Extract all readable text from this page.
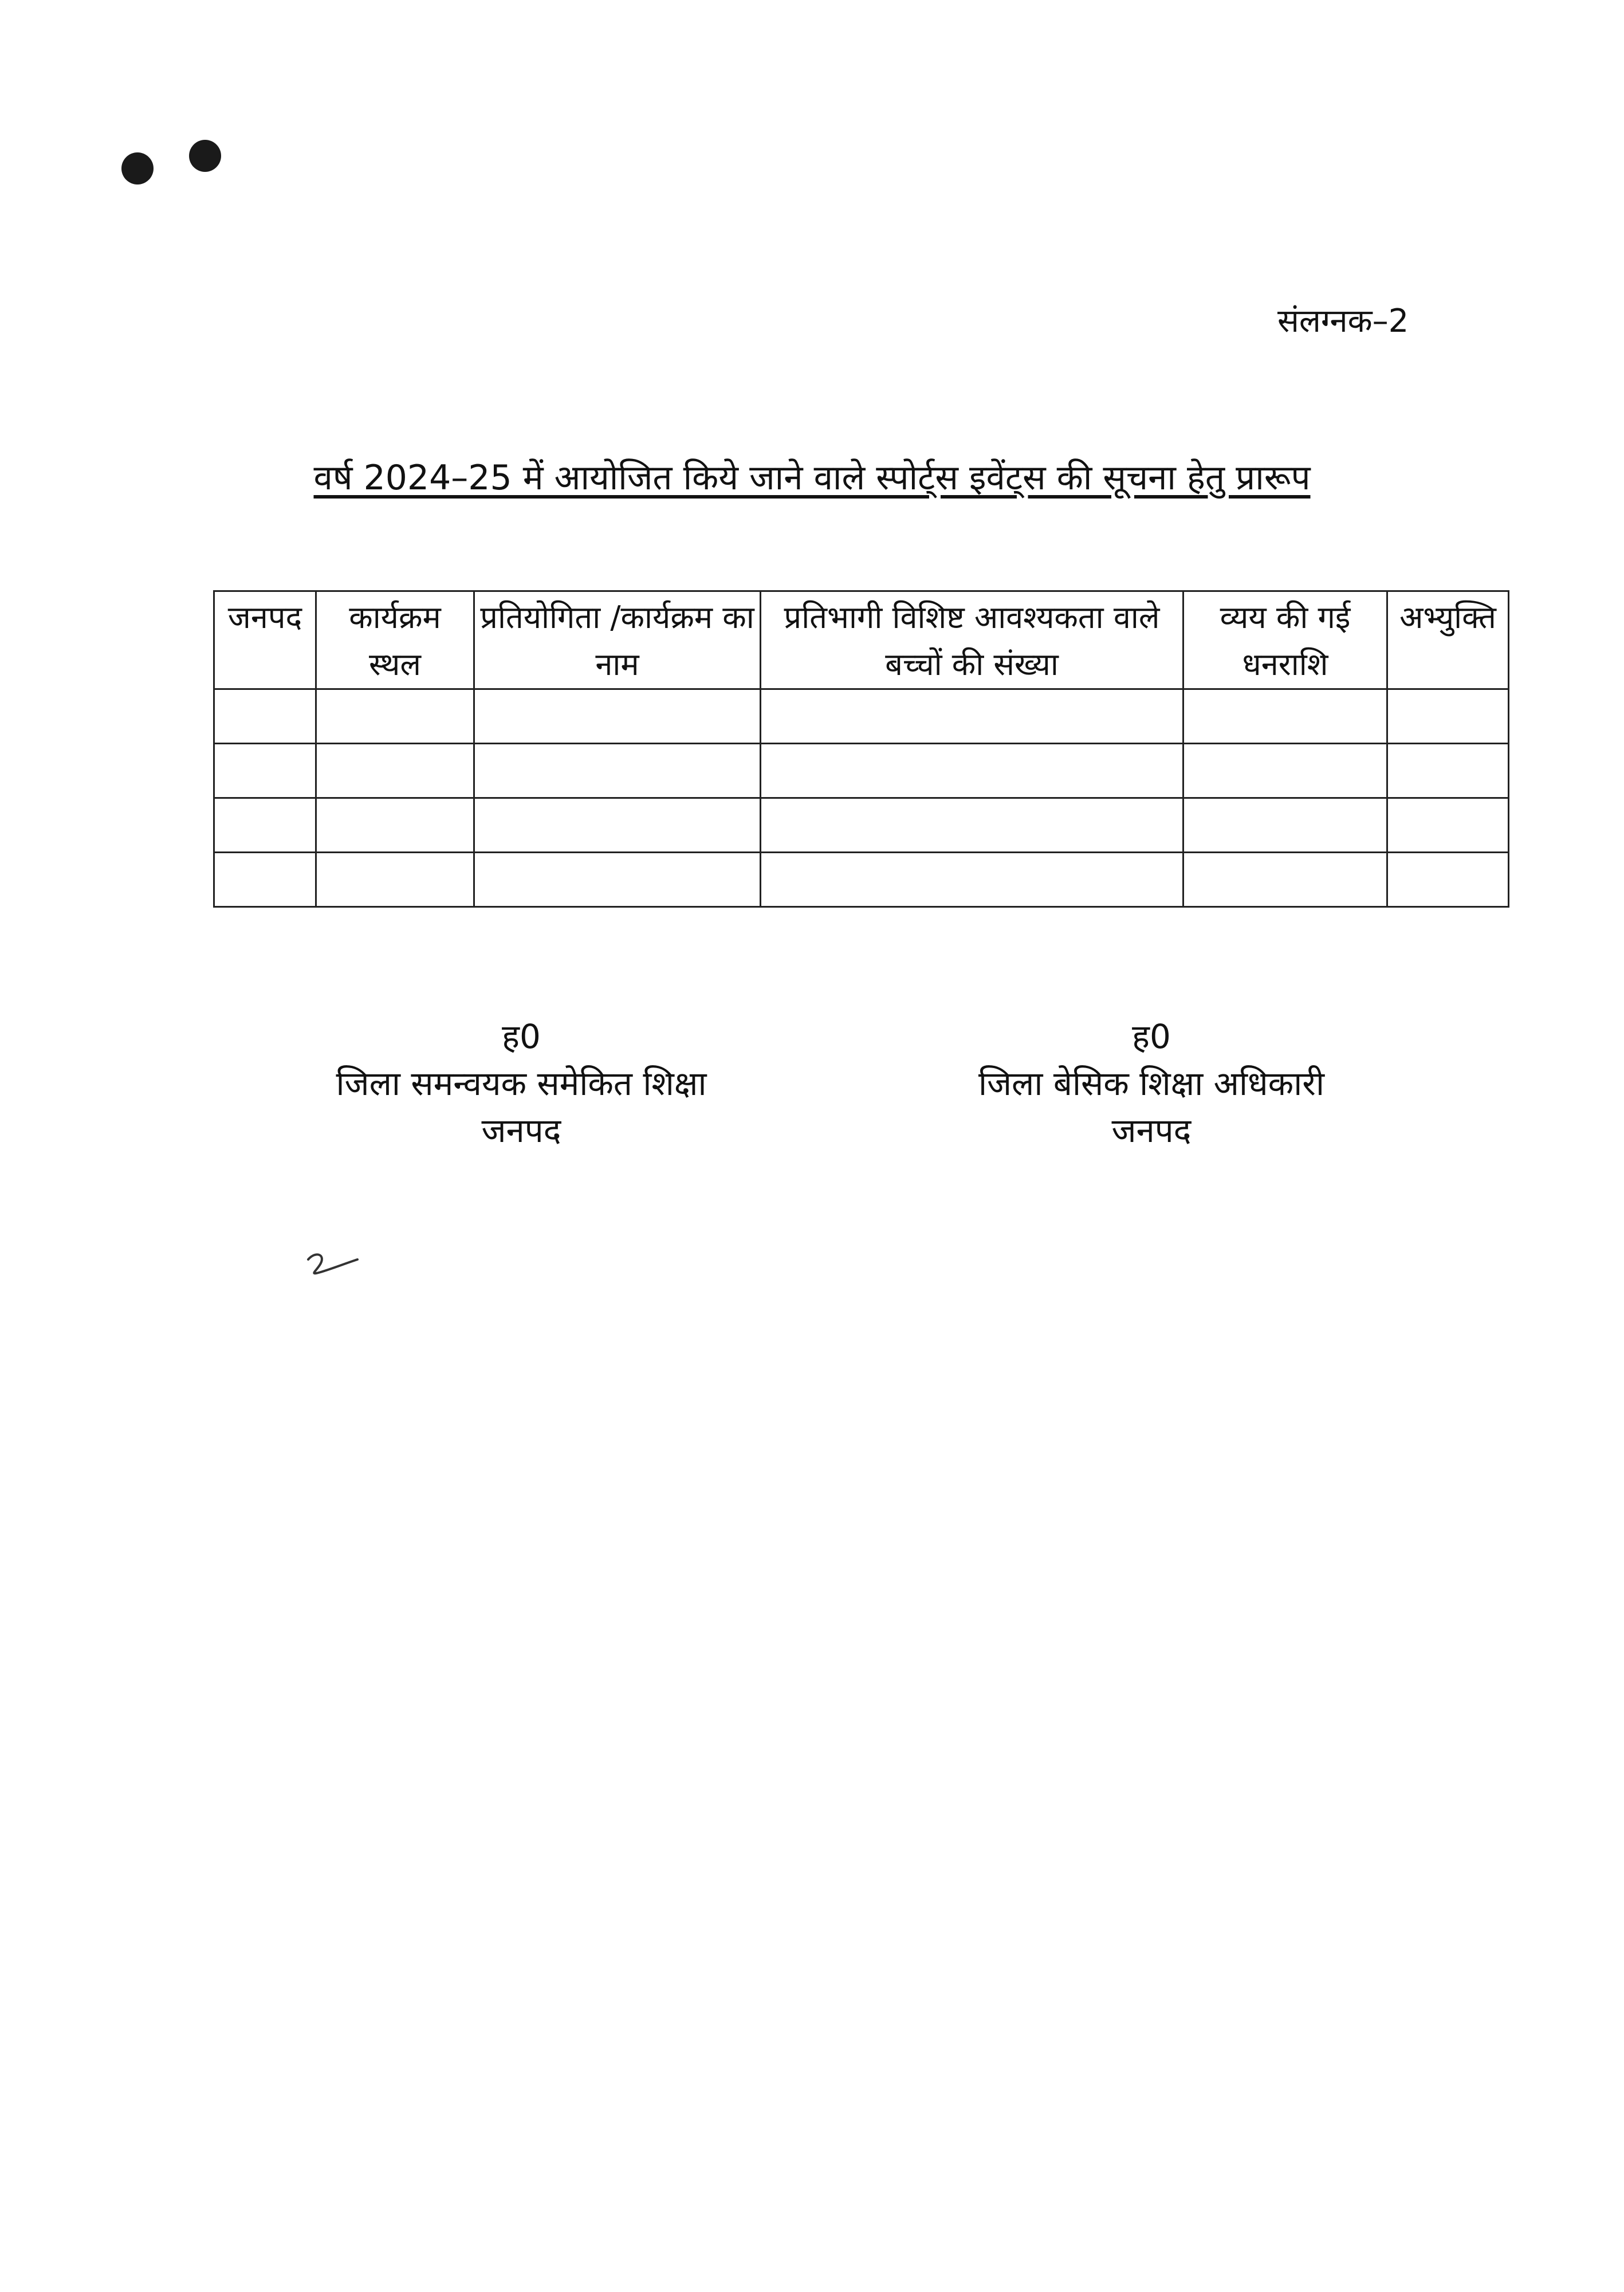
संलग्नक–2
वर्ष 2024–25 में आयोजित किये जाने वाले स्पोर्ट्स इवेंट्स की सूचना हेतु प्रारूप
जनपद	कार्यक्रम स्थल	प्रतियोगिता /कार्यक्रम का नाम	प्रतिभागी विशिष्ट आवश्यकता वाले बच्चों की संख्या	व्यय की गई धनराशि	अभ्युक्ति

ह0
जिला समन्वयक समेकित शिक्षा
जनपद
ह0
जिला बेसिक शिक्षा अधिकारी
जनपद
